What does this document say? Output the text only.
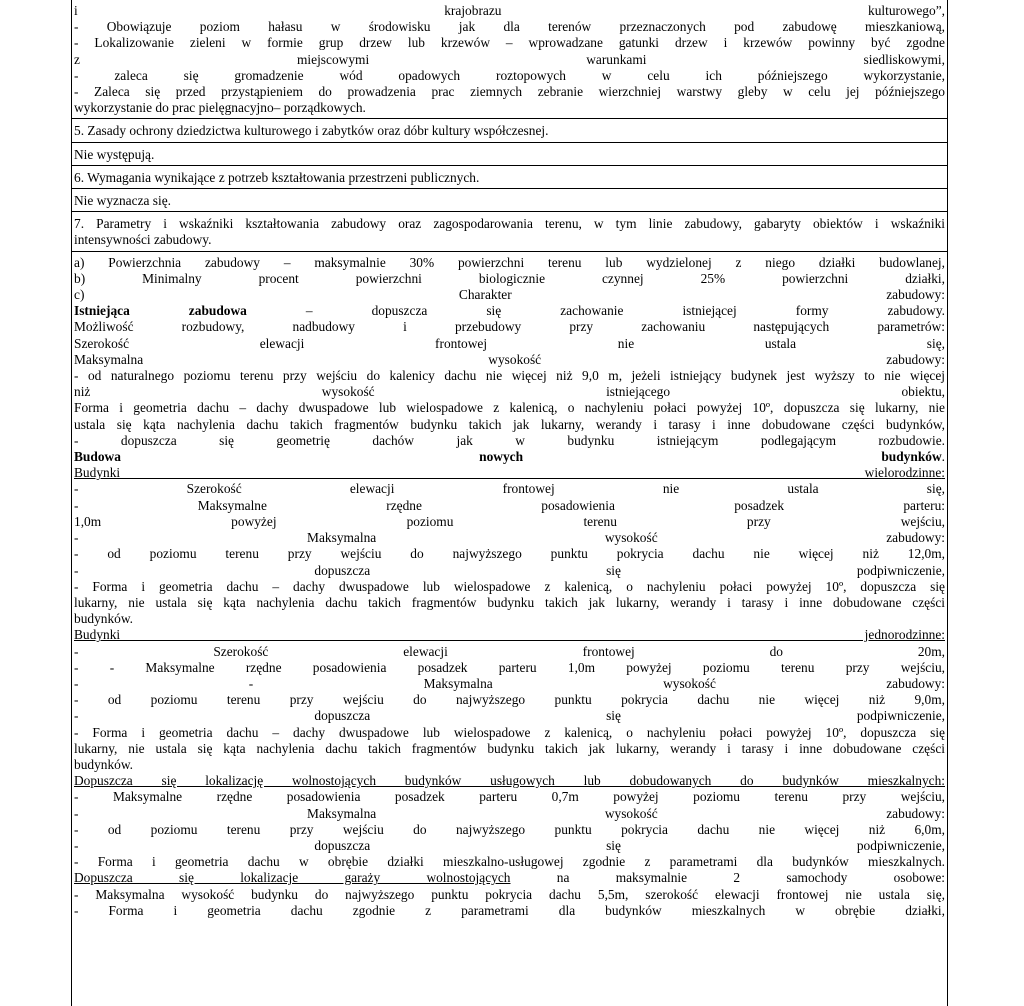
i krajobrazu kulturowego”,
- Obowiązuje poziom hałasu w środowisku jak dla terenów przeznaczonych pod zabudowę mieszkaniową,
- Lokalizowanie zieleni w formie grup drzew lub krzewów – wprowadzane gatunki drzew i krzewów powinny być zgodne
z miejscowymi warunkami siedliskowymi,
- zaleca się gromadzenie wód opadowych roztopowych w celu ich późniejszego wykorzystanie,
- Zaleca się przed przystąpieniem do prowadzenia prac ziemnych zebranie wierzchniej warstwy gleby w celu jej późniejszego
wykorzystanie do prac pielęgnacyjno– porządkowych.
5. Zasady ochrony dziedzictwa kulturowego i zabytków oraz dóbr kultury współczesnej.
Nie występują.
6. Wymagania wynikające z potrzeb kształtowania przestrzeni publicznych.
Nie wyznacza się.
7. Parametry i wskaźniki kształtowania zabudowy oraz zagospodarowania terenu, w tym linie zabudowy, gabaryty obiektów i wskaźniki
intensywności zabudowy.
a) Powierzchnia zabudowy – maksymalnie 30% powierzchni terenu lub wydzielonej z niego działki budowlanej,
b) Minimalny procent powierzchni biologicznie czynnej 25% powierzchni działki,
c) Charakter zabudowy:
Istniejąca zabudowa – dopuszcza się zachowanie istniejącej formy zabudowy.
Możliwość rozbudowy, nadbudowy i przebudowy przy zachowaniu następujących parametrów:
Szerokość elewacji frontowej nie ustala się,
Maksymalna wysokość zabudowy:
- od naturalnego poziomu terenu przy wejściu do kalenicy dachu nie więcej niż 9,0 m, jeżeli istniejący budynek jest wyższy to nie więcej
niż wysokość istniejącego obiektu,
Forma i geometria dachu – dachy dwuspadowe lub wielospadowe z kalenicą, o nachyleniu połaci powyżej 10º, dopuszcza się lukarny, nie
ustala się kąta nachylenia dachu takich fragmentów budynku takich jak lukarny, werandy i tarasy i inne dobudowane części budynków,
- dopuszcza się geometrię dachów jak w budynku istniejącym podlegającym rozbudowie.
Budowa nowych budynków.
Budynki wielorodzinne:
- Szerokość elewacji frontowej nie ustala się,
- Maksymalne rzędne posadowienia posadzek parteru:
1,0m powyżej poziomu terenu przy wejściu,
- Maksymalna wysokość zabudowy:
- od poziomu terenu przy wejściu do najwyższego punktu pokrycia dachu nie więcej niż 12,0m,
- dopuszcza się podpiwniczenie,
- Forma i geometria dachu – dachy dwuspadowe lub wielospadowe z kalenicą, o nachyleniu połaci powyżej 10º, dopuszcza się
lukarny, nie ustala się kąta nachylenia dachu takich fragmentów budynku takich jak lukarny, werandy i tarasy i inne dobudowane części
budynków.
Budynki jednorodzinne:
- Szerokość elewacji frontowej do 20m,
- - Maksymalne rzędne posadowienia posadzek parteru 1,0m powyżej poziomu terenu przy wejściu,
- - Maksymalna wysokość zabudowy:
- od poziomu terenu przy wejściu do najwyższego punktu pokrycia dachu nie więcej niż 9,0m,
- dopuszcza się podpiwniczenie,
- Forma i geometria dachu – dachy dwuspadowe lub wielospadowe z kalenicą, o nachyleniu połaci powyżej 10º, dopuszcza się
lukarny, nie ustala się kąta nachylenia dachu takich fragmentów budynku takich jak lukarny, werandy i tarasy i inne dobudowane części
budynków.
Dopuszcza się lokalizację wolnostojących budynków usługowych lub dobudowanych do budynków mieszkalnych:
- Maksymalne rzędne posadowienia posadzek parteru 0,7m powyżej poziomu terenu przy wejściu,
- Maksymalna wysokość zabudowy:
- od poziomu terenu przy wejściu do najwyższego punktu pokrycia dachu nie więcej niż 6,0m,
- dopuszcza się podpiwniczenie,
- Forma i geometria dachu w obrębie działki mieszkalno-usługowej zgodnie z parametrami dla budynków mieszkalnych.
Dopuszcza się lokalizacje garaży wolnostojących na maksymalnie 2 samochody osobowe:
- Maksymalna wysokość budynku do najwyższego punktu pokrycia dachu 5,5m, szerokość elewacji frontowej nie ustala się,
- Forma i geometria dachu zgodnie z parametrami dla budynków mieszkalnych w obrębie działki,
